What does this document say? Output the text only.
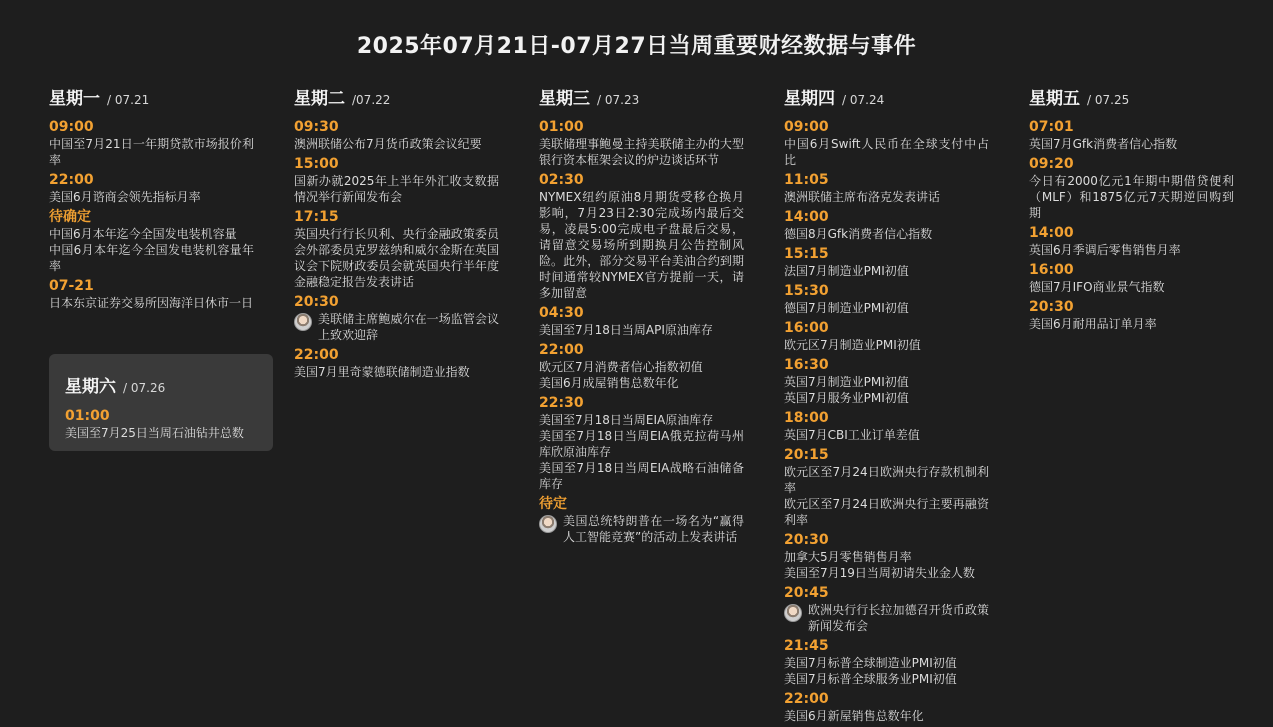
2025年07月21日-07月27日当周重要财经数据与事件
星期一 / 07.21
09:00
中国至7月21日一年期贷款市场报价利率
22:00
美国6月谘商会领先指标月率
待确定
中国6月本年迄今全国发电装机容量
中国6月本年迄今全国发电装机容量年率
07-21
日本东京证券交易所因海洋日休市一日
星期二 /07.22
09:30
澳洲联储公布7月货币政策会议纪要
15:00
国新办就2025年上半年外汇收支数据情况举行新闻发布会
17:15
英国央行行长贝利、央行金融政策委员会外部委员克罗兹纳和威尔金斯在英国议会下院财政委员会就英国央行半年度金融稳定报告发表讲话
20:30
美联储主席鲍威尔在一场监管会议上致欢迎辞
22:00
美国7月里奇蒙德联储制造业指数
星期三 / 07.23
01:00
美联储理事鲍曼主持美联储主办的大型银行资本框架会议的炉边谈话环节
02:30
NYMEX纽约原油8月期货受移仓换月影响，7月23日2:30完成场内最后交易，凌晨5:00完成电子盘最后交易，请留意交易场所到期换月公告控制风险。此外，部分交易平台美油合约到期时间通常较NYMEX官方提前一天，请多加留意
04:30
美国至7月18日当周API原油库存
22:00
欧元区7月消费者信心指数初值
美国6月成屋销售总数年化
22:30
美国至7月18日当周EIA原油库存
美国至7月18日当周EIA俄克拉荷马州库欣原油库存
美国至7月18日当周EIA战略石油储备库存
待定
美国总统特朗普在一场名为“赢得人工智能竞赛”的活动上发表讲话
星期四 / 07.24
09:00
中国6月Swift人民币在全球支付中占比
11:05
澳洲联储主席布洛克发表讲话
14:00
德国8月Gfk消费者信心指数
15:15
法国7月制造业PMI初值
15:30
德国7月制造业PMI初值
16:00
欧元区7月制造业PMI初值
16:30
英国7月制造业PMI初值
英国7月服务业PMI初值
18:00
英国7月CBI工业订单差值
20:15
欧元区至7月24日欧洲央行存款机制利率
欧元区至7月24日欧洲央行主要再融资利率
20:30
加拿大5月零售销售月率
美国至7月19日当周初请失业金人数
20:45
欧洲央行行长拉加德召开货币政策新闻发布会
21:45
美国7月标普全球制造业PMI初值
美国7月标普全球服务业PMI初值
22:00
美国6月新屋销售总数年化
星期五 / 07.25
07:01
英国7月Gfk消费者信心指数
09:20
今日有2000亿元1年期中期借贷便利（MLF）和1875亿元7天期逆回购到期
14:00
英国6月季调后零售销售月率
16:00
德国7月IFO商业景气指数
20:30
美国6月耐用品订单月率
星期六 / 07.26
01:00
美国至7月25日当周石油钻井总数
